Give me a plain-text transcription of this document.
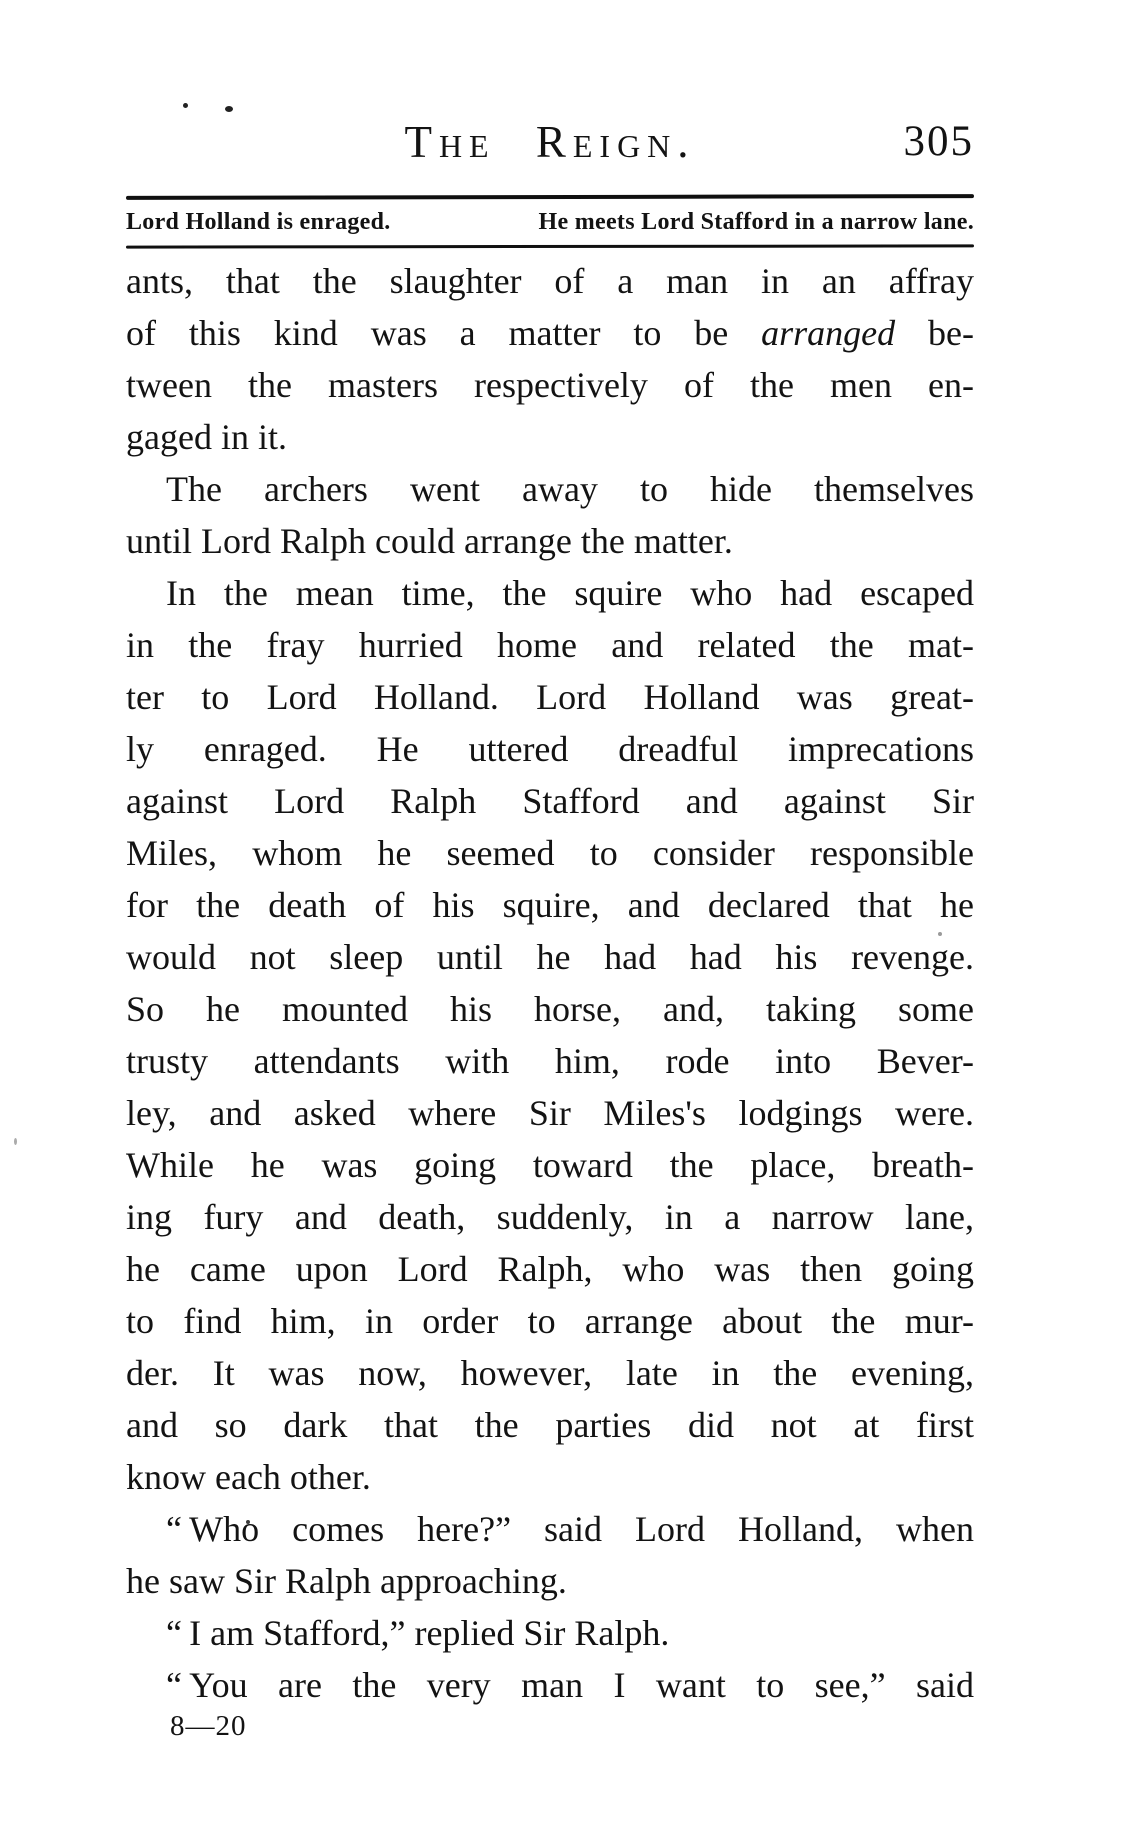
The Reign.	305
Lord Holland is enraged.	He meets Lord Stafford in a narrow lane.
ants, that the slaughter of a man in an affray
of this kind was a matter to be arranged be-
tween the masters respectively of the men en-
gaged in it.
The archers went away to hide themselves
until Lord Ralph could arrange the matter.
In the mean time, the squire who had escaped
in the fray hurried home and related the mat-
ter to Lord Holland. Lord Holland was great-
ly enraged. He uttered dreadful imprecations
against Lord Ralph Stafford and against Sir
Miles, whom he seemed to consider responsible
for the death of his squire, and declared that he
would not sleep until he had had his revenge.
So he mounted his horse, and, taking some
trusty attendants with him, rode into Bever-
ley, and asked where Sir Miles's lodgings were.
While he was going toward the place, breath-
ing fury and death, suddenly, in a narrow lane,
he came upon Lord Ralph, who was then going
to find him, in order to arrange about the mur-
der. It was now, however, late in the evening,
and so dark that the parties did not at first
know each other.
“ Who comes here?” said Lord Holland, when
he saw Sir Ralph approaching.
“ I am Stafford,” replied Sir Ralph.
“ You are the very man I want to see,” said
8—20
